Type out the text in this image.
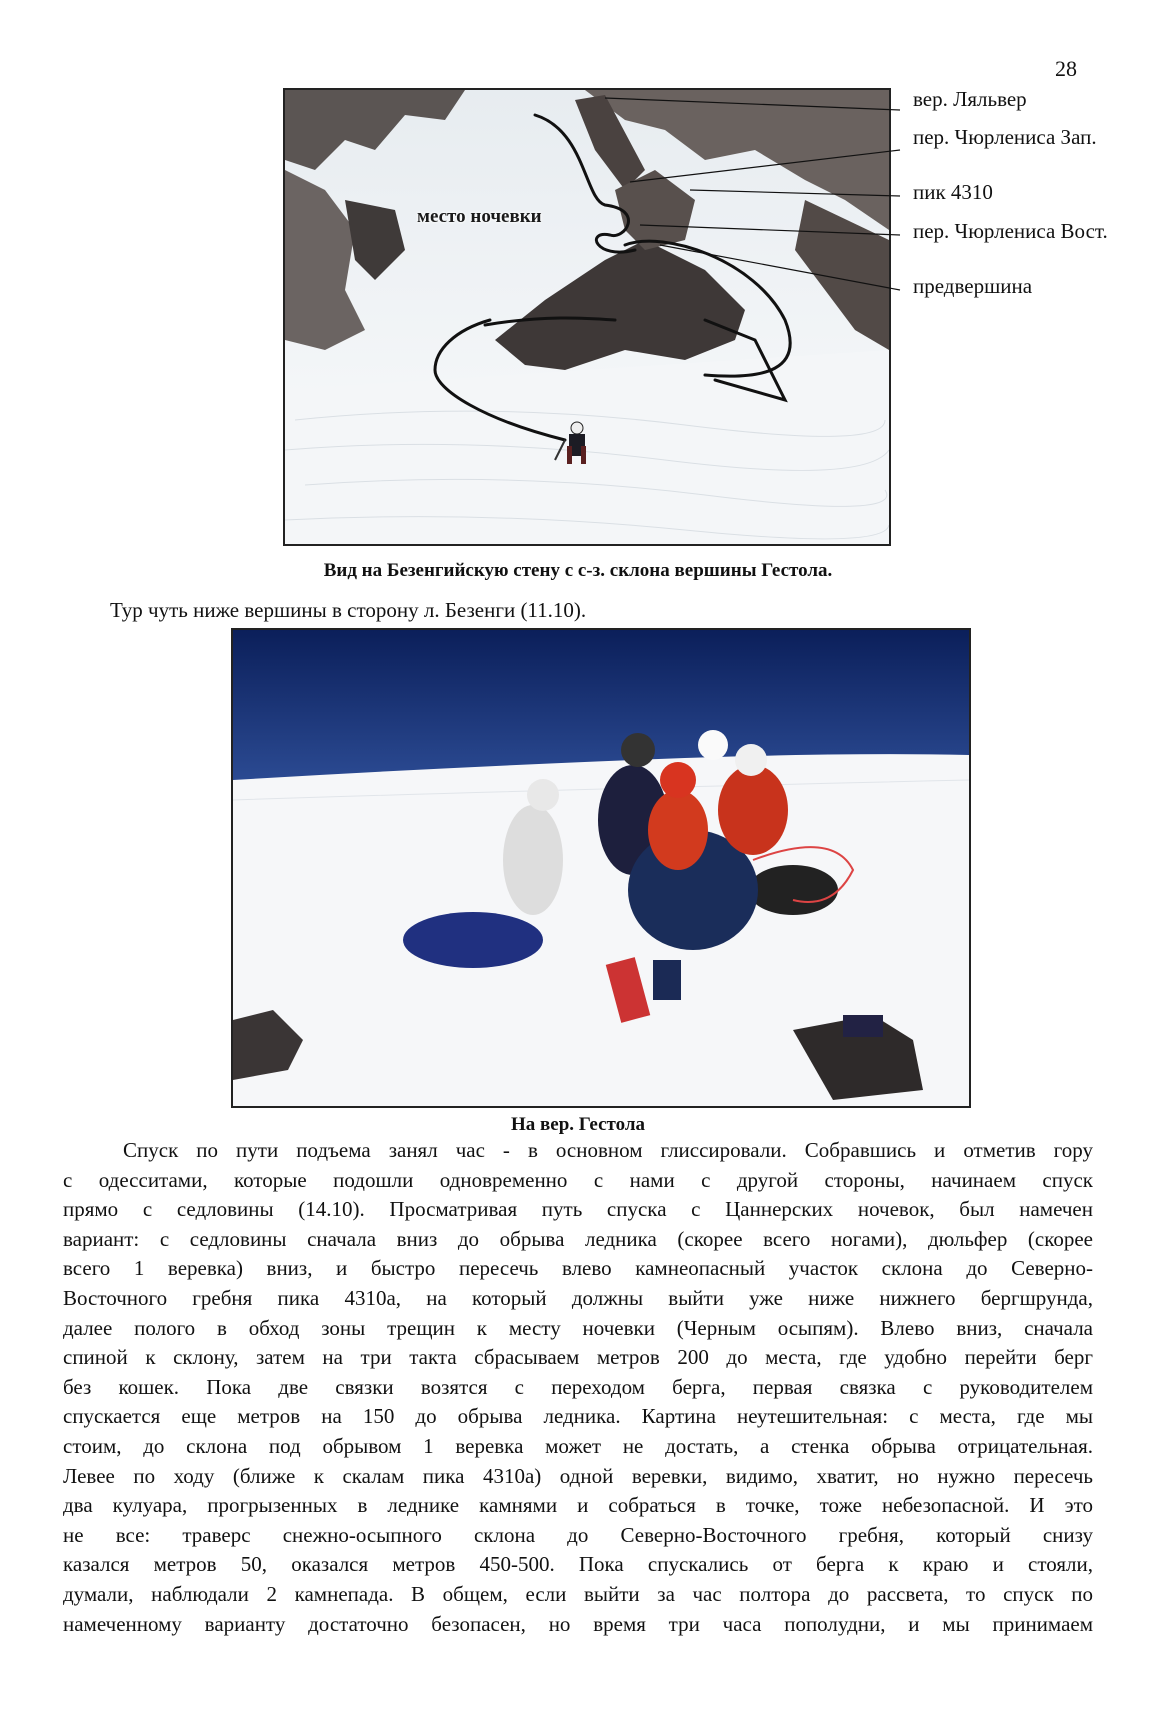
28
место ночевки
вер. Ляльвер
пер. Чюрлениса Зап.
пик 4310
пер. Чюрлениса Вост.
предвершина
Вид на Безенгийскую стену с с-з. склона вершины Гестола.
Тур чуть ниже вершины в сторону л. Безенги (11.10).
На вер. Гестола
Спуск по пути подъема занял час - в основном глиссировали. Собравшись и отметив гору
с одесситами, которые подошли одновременно с нами с другой стороны, начинаем спуск
прямо с седловины (14.10). Просматривая путь спуска с Цаннерских ночевок, был намечен
вариант: с седловины сначала вниз до обрыва ледника (скорее всего ногами), дюльфер (скорее
всего 1 веревка) вниз, и быстро пересечь влево камнеопасный участок склона до Северно-
Восточного гребня пика 4310а, на который должны выйти уже ниже нижнего бергшрунда,
далее полого в обход зоны трещин к месту ночевки (Черным осыпям). Влево вниз, сначала
спиной к склону, затем на три такта сбрасываем метров 200 до места, где удобно перейти берг
без кошек. Пока две связки возятся с переходом берга, первая связка с руководителем
спускается еще метров на 150 до обрыва ледника. Картина неутешительная: с места, где мы
стоим, до склона под обрывом 1 веревка может не достать, а стенка обрыва отрицательная.
Левее по ходу (ближе к скалам пика 4310а) одной веревки, видимо, хватит, но нужно пересечь
два кулуара, прогрызенных в леднике камнями и собраться в точке, тоже небезопасной. И это
не все: траверс снежно-осыпного склона до Северно-Восточного гребня, который снизу
казался метров 50, оказался метров 450-500. Пока спускались от берга к краю и стояли,
думали, наблюдали 2 камнепада. В общем, если выйти за час полтора до рассвета, то спуск по
намеченному варианту достаточно безопасен, но время три часа пополудни, и мы принимаем
